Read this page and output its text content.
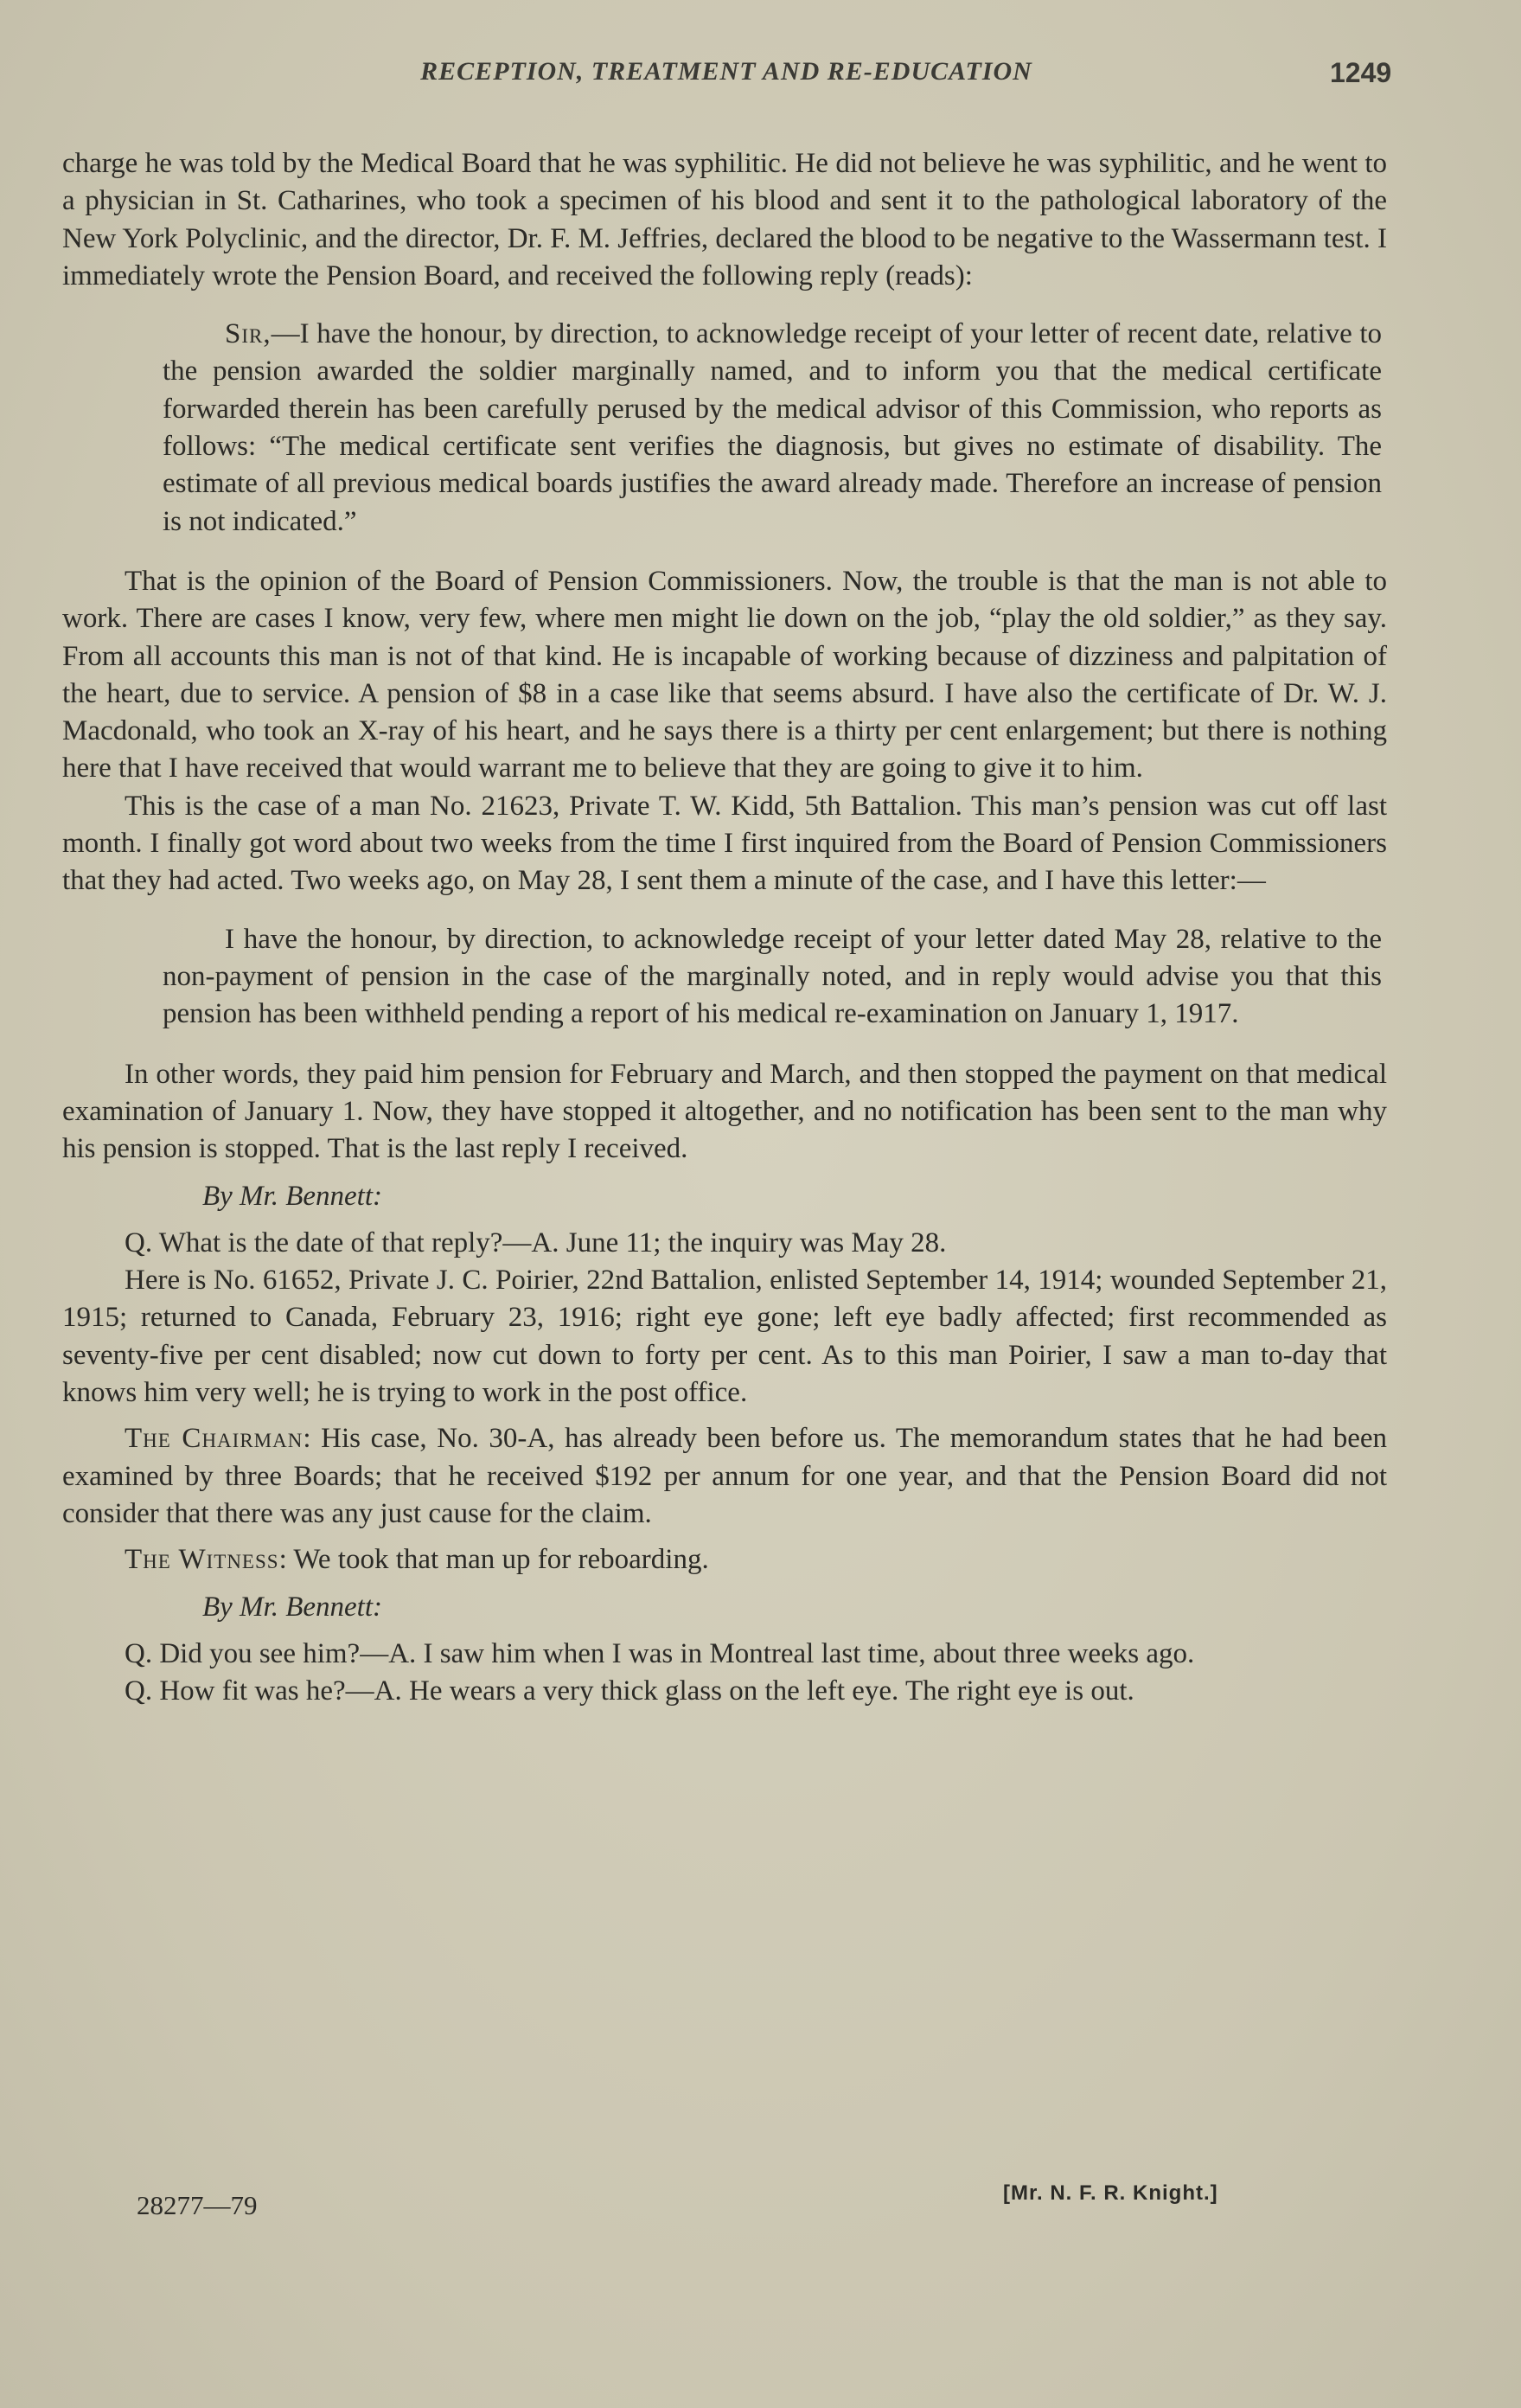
RECEPTION, TREATMENT AND RE-EDUCATION	1249

charge he was told by the Medical Board that he was syphilitic. He did not believe he was syphilitic, and he went to a physician in St. Catharines, who took a specimen of his blood and sent it to the pathological laboratory of the New York Polyclinic, and the director, Dr. F. M. Jeffries, declared the blood to be negative to the Wassermann test. I immediately wrote the Pension Board, and received the following reply (reads):

Sir,—I have the honour, by direction, to acknowledge receipt of your letter of recent date, relative to the pension awarded the soldier marginally named, and to inform you that the medical certificate forwarded therein has been carefully perused by the medical advisor of this Commission, who reports as follows: “The medical certificate sent verifies the diagnosis, but gives no estimate of disability. The estimate of all previous medical boards justifies the award already made. Therefore an increase of pension is not indicated.”

That is the opinion of the Board of Pension Commissioners. Now, the trouble is that the man is not able to work. There are cases I know, very few, where men might lie down on the job, “play the old soldier,” as they say. From all accounts this man is not of that kind. He is incapable of working because of dizziness and palpitation of the heart, due to service. A pension of $8 in a case like that seems absurd. I have also the certificate of Dr. W. J. Macdonald, who took an X-ray of his heart, and he says there is a thirty per cent enlargement; but there is nothing here that I have received that would warrant me to believe that they are going to give it to him.

This is the case of a man No. 21623, Private T. W. Kidd, 5th Battalion. This man’s pension was cut off last month. I finally got word about two weeks from the time I first inquired from the Board of Pension Commissioners that they had acted. Two weeks ago, on May 28, I sent them a minute of the case, and I have this letter:—

I have the honour, by direction, to acknowledge receipt of your letter dated May 28, relative to the non-payment of pension in the case of the marginally noted, and in reply would advise you that this pension has been withheld pending a report of his medical re-examination on January 1, 1917.

In other words, they paid him pension for February and March, and then stopped the payment on that medical examination of January 1. Now, they have stopped it altogether, and no notification has been sent to the man why his pension is stopped. That is the last reply I received.

By Mr. Bennett:

Q. What is the date of that reply?—A. June 11; the inquiry was May 28.

Here is No. 61652, Private J. C. Poirier, 22nd Battalion, enlisted September 14, 1914; wounded September 21, 1915; returned to Canada, February 23, 1916; right eye gone; left eye badly affected; first recommended as seventy-five per cent disabled; now cut down to forty per cent. As to this man Poirier, I saw a man to-day that knows him very well; he is trying to work in the post office.

The Chairman: His case, No. 30-A, has already been before us. The memorandum states that he had been examined by three Boards; that he received $192 per annum for one year, and that the Pension Board did not consider that there was any just cause for the claim.

The Witness: We took that man up for reboarding.

By Mr. Bennett:

Q. Did you see him?—A. I saw him when I was in Montreal last time, about three weeks ago.

Q. How fit was he?—A. He wears a very thick glass on the left eye. The right eye is out.

28277—79	[Mr. N. F. R. Knight.]
